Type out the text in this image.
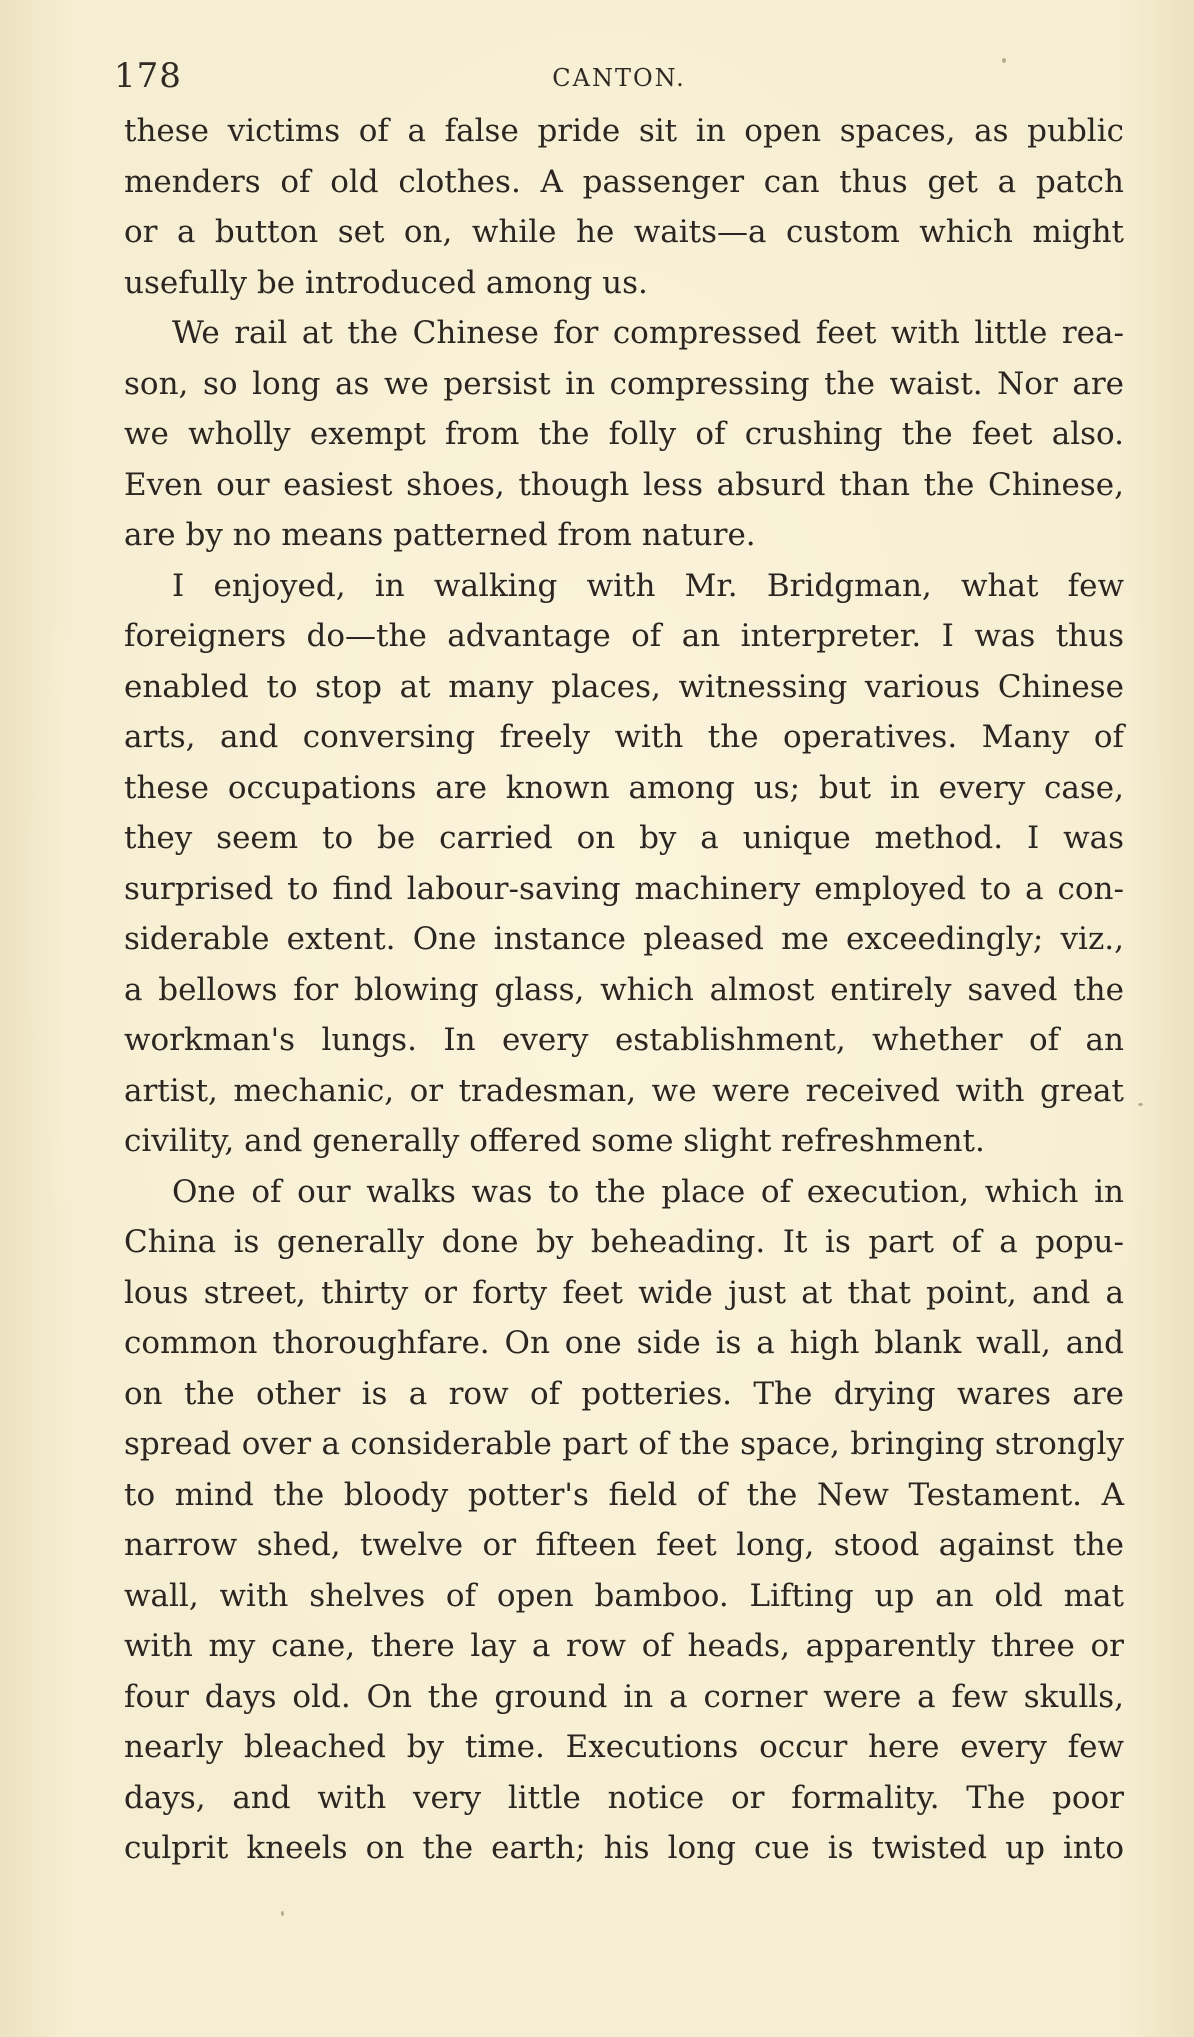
178	CANTON.
these victims of a false pride sit in open spaces, as public
menders of old clothes. A passenger can thus get a patch
or a button set on, while he waits—a custom which might
usefully be introduced among us.
We rail at the Chinese for compressed feet with little rea-
son, so long as we persist in compressing the waist. Nor are
we wholly exempt from the folly of crushing the feet also.
Even our easiest shoes, though less absurd than the Chinese,
are by no means patterned from nature.
I enjoyed, in walking with Mr. Bridgman, what few
foreigners do—the advantage of an interpreter. I was thus
enabled to stop at many places, witnessing various Chinese
arts, and conversing freely with the operatives. Many of
these occupations are known among us; but in every case,
they seem to be carried on by a unique method. I was
surprised to find labour-saving machinery employed to a con-
siderable extent. One instance pleased me exceedingly; viz.,
a bellows for blowing glass, which almost entirely saved the
workman's lungs. In every establishment, whether of an
artist, mechanic, or tradesman, we were received with great
civility, and generally offered some slight refreshment.
One of our walks was to the place of execution, which in
China is generally done by beheading. It is part of a popu-
lous street, thirty or forty feet wide just at that point, and a
common thoroughfare. On one side is a high blank wall, and
on the other is a row of potteries. The drying wares are
spread over a considerable part of the space, bringing strongly
to mind the bloody potter's field of the New Testament. A
narrow shed, twelve or fifteen feet long, stood against the
wall, with shelves of open bamboo. Lifting up an old mat
with my cane, there lay a row of heads, apparently three or
four days old. On the ground in a corner were a few skulls,
nearly bleached by time. Executions occur here every few
days, and with very little notice or formality. The poor
culprit kneels on the earth; his long cue is twisted up into
